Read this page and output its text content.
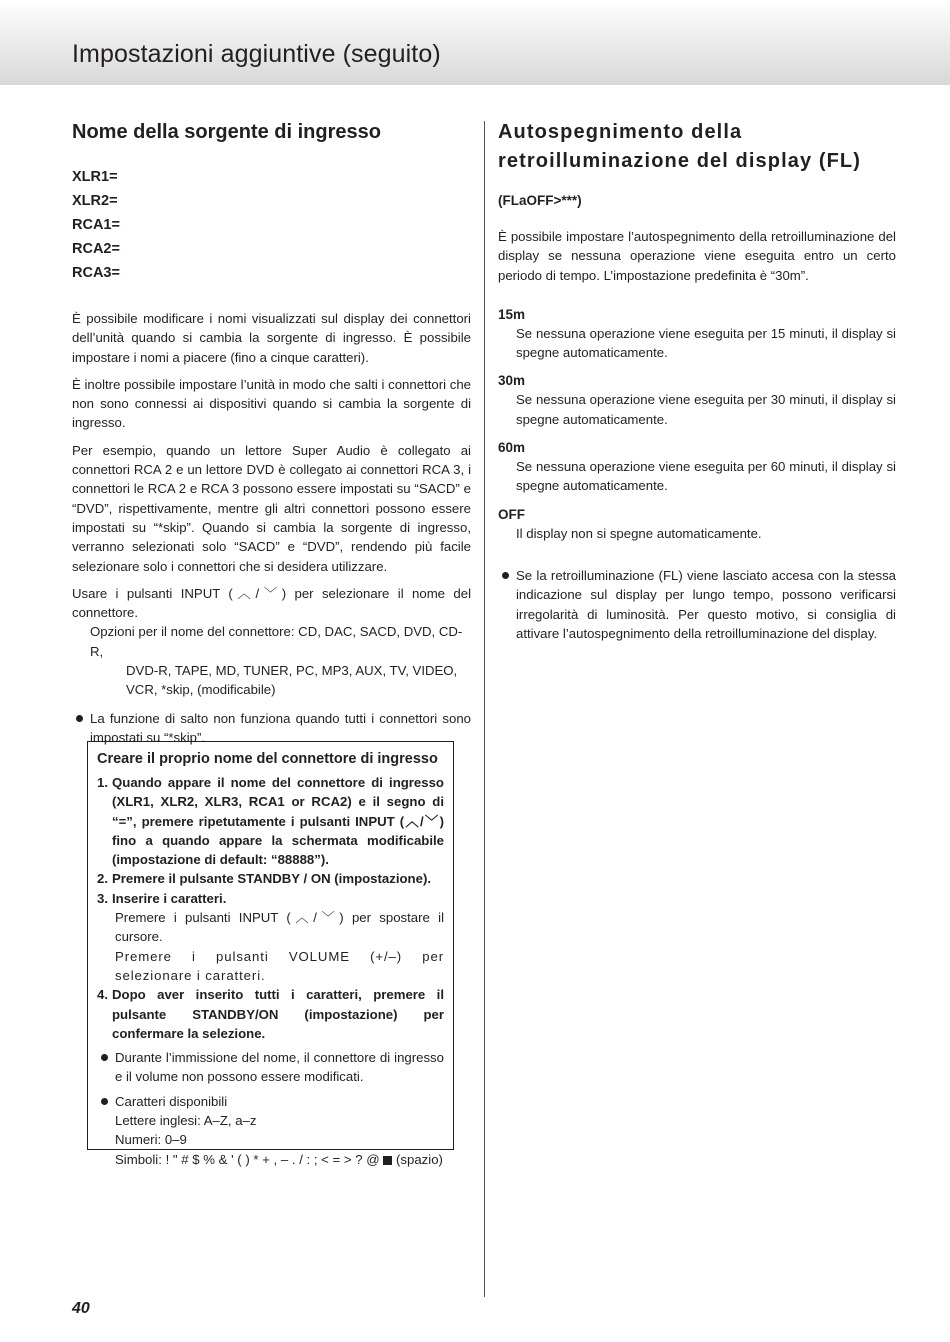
Impostazioni aggiuntive (seguito)
Nome della sorgente di ingresso
XLR1=
XLR2=
RCA1=
RCA2=
RCA3=

È possibile modificare i nomi visualizzati sul display dei connettori dell’unità quando si cambia la sorgente di ingresso. È possibile impostare i nomi a piacere (fino a cinque caratteri).

È inoltre possibile impostare l’unità in modo che salti i connettori che non sono connessi ai dispositivi quando si cambia la sorgente di ingresso.

Per esempio, quando un lettore Super Audio è collegato ai connettori RCA 2 e un lettore DVD è collegato ai connettori RCA 3, i connettori le RCA 2 e RCA 3 possono essere impostati su “SACD” e “DVD”, rispettivamente, mentre gli altri connettori possono essere impostati su “*skip”. Quando si cambia la sorgente di ingresso, verranno selezionati solo “SACD” e “DVD”, rendendo più facile selezionare solo i connettori che si desidera utilizzare.

Usare i pulsanti INPUT (︿/﹀) per selezionare il nome del connettore.

Opzioni per il nome del connettore: CD, DAC, SACD, DVD, CD-R,

DVD-R, TAPE, MD, TUNER, PC, MP3, AUX, TV, VIDEO, VCR, *skip, (modificabile)

La funzione di salto non funziona quando tutti i connettori sono impostati su “*skip”.

Creare il proprio nome del connettore di ingresso
1. Quando appare il nome del connettore di ingresso (XLR1, XLR2, XLR3, RCA1 or RCA2) e il segno di “=”, premere ripetutamente i pulsanti INPUT (︿/﹀) fino a quando appare la schermata modificabile (impostazione di default: “88888”).
2. Premere il pulsante STANDBY / ON (impostazione).
3. Inserire i caratteri.
Premere i pulsanti INPUT (︿/﹀) per spostare il cursore.
Premere i pulsanti VOLUME (+/–) per selezionare i caratteri.
4. Dopo aver inserito tutti i caratteri, premere il pulsante STANDBY/ON (impostazione) per confermare la selezione.

Durante l’immissione del nome, il connettore di ingresso e il volume non possono essere modificati.

Caratteri disponibili

Lettere inglesi: A–Z, a–z

Numeri: 0–9

Simboli: ! " # $ % & ' ( ) * + , – . / : ; < = > ? @ (spazio)

Autospegnimento della retroilluminazione del display (FL)
(FLaOFF>***)

È possibile impostare l’autospegnimento della retroilluminazione del display se nessuna operazione viene eseguita entro un certo periodo di tempo. L’impostazione predefinita è “30m”.

15m

Se nessuna operazione viene eseguita per 15 minuti, il display si spegne automaticamente.

30m

Se nessuna operazione viene eseguita per 30 minuti, il display si spegne automaticamente.

60m

Se nessuna operazione viene eseguita per 60 minuti, il display si spegne automaticamente.

OFF

Il display non si spegne automaticamente.

Se la retroilluminazione (FL) viene lasciato accesa con la stessa indicazione sul display per lungo tempo, possono verificarsi irregolarità di luminosità. Per questo motivo, si consiglia di attivare l’autospegnimento della retroilluminazione del display.

40
